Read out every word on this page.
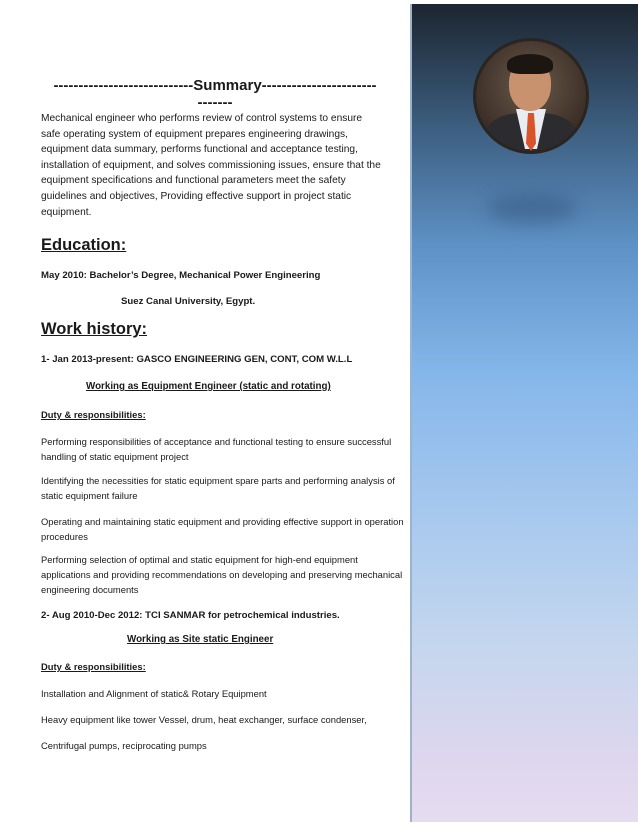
----------------------------Summary------------------------------

Mechanical engineer who performs review of control systems to ensure safe operating system of equipment prepares engineering drawings, equipment data summary, performs functional and acceptance testing, installation of equipment, and solves commissioning issues, ensure that the equipment specifications and functional parameters meet the safety guidelines and objectives, Providing effective support in project static equipment.

Education:
May 2010: Bachelor’s Degree, Mechanical Power Engineering
Suez Canal University, Egypt.
Work history:
1- Jan 2013-present: GASCO ENGINEERING GEN, CONT, COM W.L.L
Working as Equipment Engineer (static and rotating)
Duty & responsibilities:
Performing responsibilities of acceptance and functional testing to ensure successful handling of static equipment project
Identifying the necessities for static equipment spare parts and performing analysis of static equipment failure
Operating and maintaining static equipment and providing effective support in operation procedures
Performing selection of optimal and static equipment for high-end equipment applications and providing recommendations on developing and preserving mechanical engineering documents
2- Aug 2010-Dec 2012: TCI SANMAR for petrochemical industries.
Working as Site static Engineer
Duty & responsibilities:
Installation and Alignment of static& Rotary Equipment
Heavy equipment like tower Vessel, drum, heat exchanger, surface condenser,
Centrifugal pumps, reciprocating pumps
